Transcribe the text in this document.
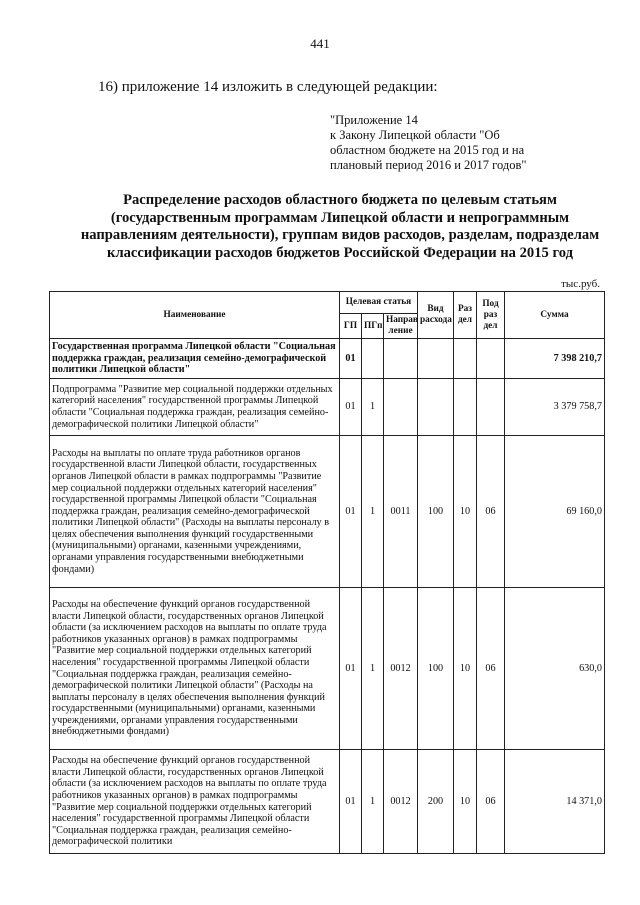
441
16) приложение 14 изложить в следующей редакции:
"Приложение 14
к Закону Липецкой области "Об
областном бюджете на 2015 год и на
плановый период 2016 и 2017 годов"
Распределение расходов областного бюджета по целевым статьям
(государственным программам Липецкой области и непрограммным
направлениям деятельности), группам видов расходов, разделам, подразделам
классификации расходов бюджетов Российской Федерации на 2015 год
тыс.руб.
Наименование	Целевая статья			Вид расхода	Раз дел	Под раз дел	Сумма
	ГП	ПГп	Направ ление				
Государственная программа Липецкой области "Социальная поддержка граждан, реализация семейно-демографической политики Липецкой области"	01						7 398 210,7
Подпрограмма "Развитие мер социальной поддержки отдельных категорий населения" государственной программы Липецкой области "Социальная поддержка граждан, реализация семейно-демографической политики Липецкой области"	01	1					3 379 758,7
Расходы на выплаты по оплате труда работников органов государственной власти Липецкой области, государственных органов Липецкой области в рамках подпрограммы "Развитие мер социальной поддержки отдельных категорий населения" государственной программы Липецкой области "Социальная поддержка граждан, реализация семейно-демографической политики Липецкой области" (Расходы на выплаты персоналу в целях обеспечения выполнения функций государственными (муниципальными) органами, казенными учреждениями, органами управления государственными внебюджетными фондами)	01	1	0011	100	10	06	69 160,0
Расходы на обеспечение функций органов государственной власти Липецкой области, государственных органов Липецкой области (за исключением расходов на выплаты по оплате труда работников указанных органов) в рамках подпрограммы "Развитие мер социальной поддержки отдельных категорий населения" государственной программы Липецкой области "Социальная поддержка граждан, реализация семейно-демографической политики Липецкой области" (Расходы на выплаты персоналу в целях обеспечения выполнения функций государственными (муниципальными) органами, казенными учреждениями, органами управления государственными внебюджетными фондами)	01	1	0012	100	10	06	630,0
Расходы на обеспечение функций органов государственной власти Липецкой области, государственных органов Липецкой области (за исключением расходов на выплаты по оплате труда работников указанных органов) в рамках подпрограммы "Развитие мер социальной поддержки отдельных категорий населения" государственной программы Липецкой области "Социальная поддержка граждан, реализация семейно-демографической политики	01	1	0012	200	10	06	14 371,0
